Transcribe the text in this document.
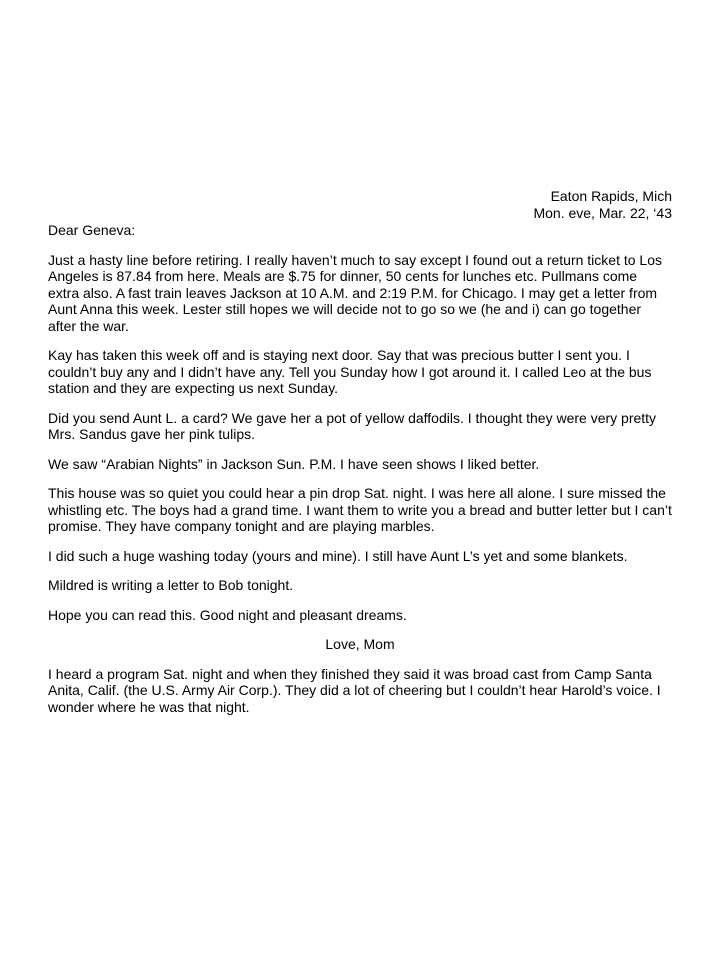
Eaton Rapids, Mich
Mon. eve, Mar. 22, ‘43

Dear Geneva:

Just a hasty line before retiring. I really haven’t much to say except I found out a return ticket to Los Angeles is 87.84 from here. Meals are $.75 for dinner, 50 cents for lunches etc. Pullmans come extra also. A fast train leaves Jackson at 10 A.M. and 2:19 P.M. for Chicago. I may get a letter from Aunt Anna this week. Lester still hopes we will decide not to go so we (he and i) can go together after the war.

Kay has taken this week off and is staying next door. Say that was precious butter I sent you. I couldn’t buy any and I didn’t have any. Tell you Sunday how I got around it. I called Leo at the bus station and they are expecting us next Sunday.

Did you send Aunt L. a card? We gave her a pot of yellow daffodils. I thought they were very pretty Mrs. Sandus gave her pink tulips.

We saw “Arabian Nights” in Jackson Sun. P.M. I have seen shows I liked better.

This house was so quiet you could hear a pin drop Sat. night. I was here all alone. I sure missed the whistling etc. The boys had a grand time. I want them to write you a bread and butter letter but I can’t promise. They have company tonight and are playing marbles.

I did such a huge washing today (yours and mine). I still have Aunt L’s yet and some blankets.

Mildred is writing a letter to Bob tonight.

Hope you can read this. Good night and pleasant dreams.

Love, Mom

I heard a program Sat. night and when they finished they said it was broad cast from Camp Santa Anita, Calif. (the U.S. Army Air Corp.). They did a lot of cheering but I couldn’t hear Harold’s voice. I wonder where he was that night.
